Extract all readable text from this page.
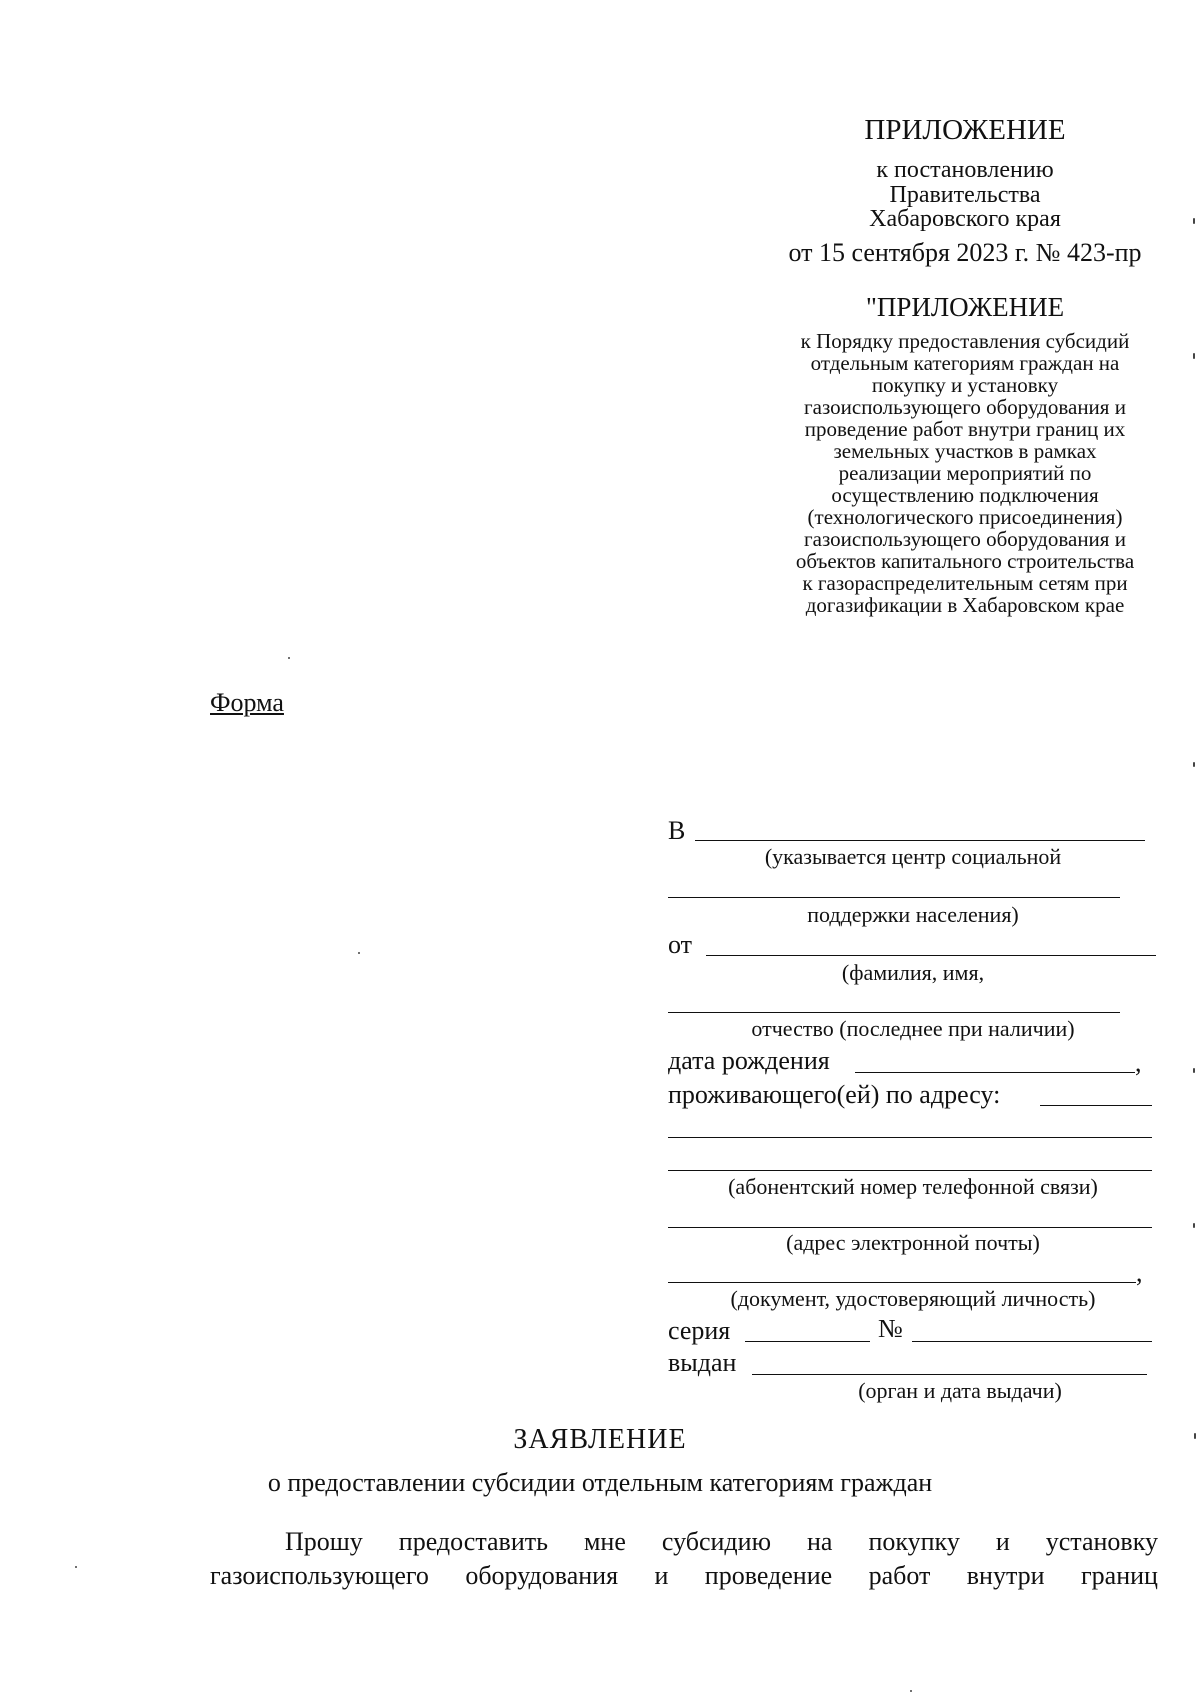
ПРИЛОЖЕНИЕ
к постановлению
Правительства
Хабаровского края
от 15 сентября 2023 г. № 423-пр
"ПРИЛОЖЕНИЕ
к Порядку предоставления субсидий
отдельным категориям граждан на
покупку и установку
газоиспользующего оборудования и
проведение работ внутри границ их
земельных участков в рамках
реализации мероприятий по
осуществлению подключения
(технологического присоединения)
газоиспользующего оборудования и
объектов капитального строительства
к газораспределительным сетям при
догазификации в Хабаровском крае
Форма
В
(указывается центр социальной
поддержки населения)
от
(фамилия, имя,
отчество (последнее при наличии)
дата рождения	,
проживающего(ей) по адресу:
(абонентский номер телефонной связи)
(адрес электронной почты)
,
(документ, удостоверяющий личность)
серия	№
выдан
(орган и дата выдачи)
ЗАЯВЛЕНИЕ
о предоставлении субсидии отдельным категориям граждан
Прошу предоставить мне субсидию на покупку и установку
газоиспользующего оборудования и проведение работ внутри границ
